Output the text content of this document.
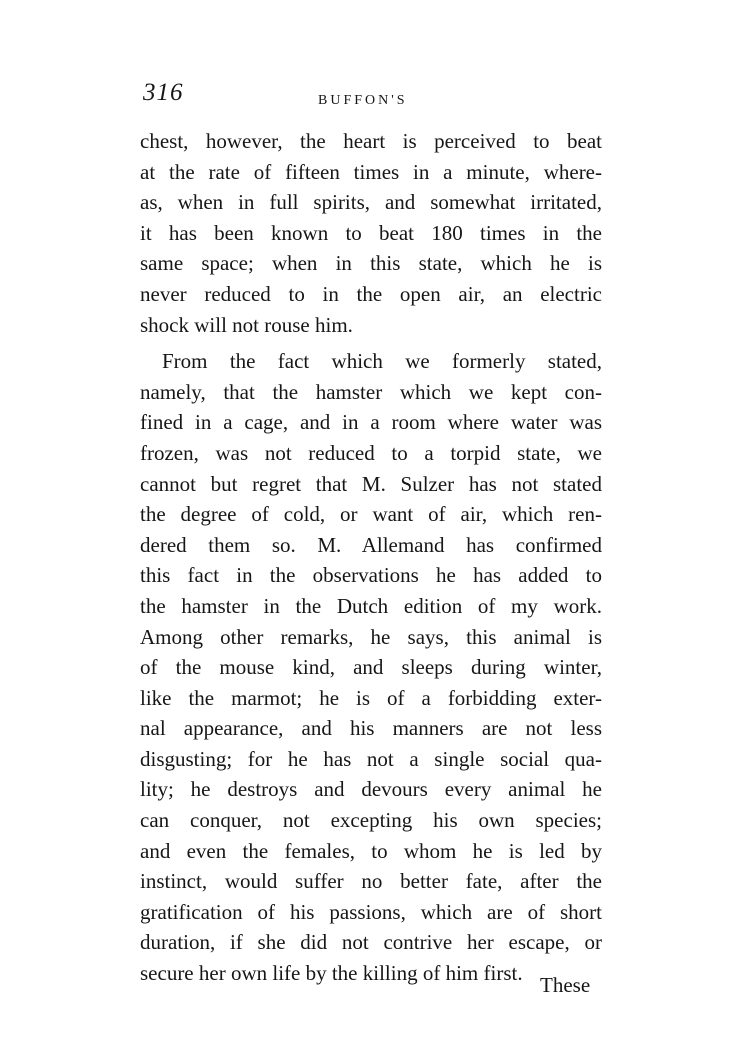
316	BUFFON'S
chest, however, the heart is perceived to beat
at the rate of fifteen times in a minute, where-
as, when in full spirits, and somewhat irritated,
it has been known to beat 180 times in the
same space; when in this state, which he is
never reduced to in the open air, an electric
shock will not rouse him.
From the fact which we formerly stated,
namely, that the hamster which we kept con-
fined in a cage, and in a room where water was
frozen, was not reduced to a torpid state, we
cannot but regret that M. Sulzer has not stated
the degree of cold, or want of air, which ren-
dered them so. M. Allemand has confirmed
this fact in the observations he has added to
the hamster in the Dutch edition of my work.
Among other remarks, he says, this animal is
of the mouse kind, and sleeps during winter,
like the marmot; he is of a forbidding exter-
nal appearance, and his manners are not less
disgusting; for he has not a single social qua-
lity; he destroys and devours every animal he
can conquer, not excepting his own species;
and even the females, to whom he is led by
instinct, would suffer no better fate, after the
gratification of his passions, which are of short
duration, if she did not contrive her escape, or
secure her own life by the killing of him first. These
